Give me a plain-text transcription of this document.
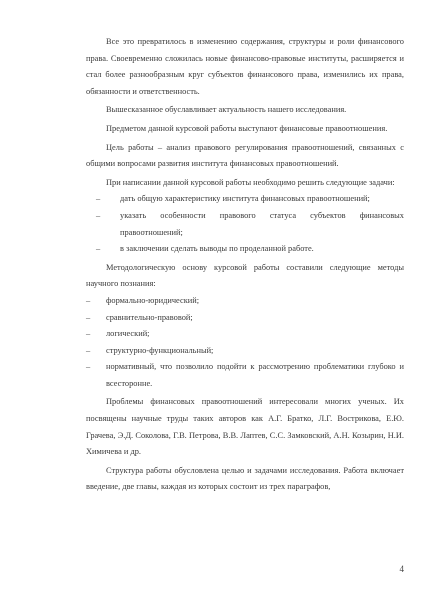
Все это превратилось в изменению содержания, структуры и роли финансового права. Своевременно сложилась новые финансово-правовые институты, расширяется и стал более разнообразным круг субъектов финансового права, изменились их права, обязанности и ответственность.

Вышесказанное обуславливает актуальность нашего исследования.

Предметом данной курсовой работы выступают финансовые правоотношения.

Цель работы – анализ правового регулирования правоотношений, связанных с общими вопросами развития института финансовых правоотношений.

При написании данной курсовой работы необходимо решить следующие задачи:

–	дать общую характеристику института финансовых правоотношений;
–	указать особенности правового статуса субъектов финансовых правоотношений;
–	в заключении сделать выводы по проделанной работе.

Методологическую основу курсовой работы составили следующие методы научного познания:

–	формально-юридический;
–	сравнительно-правовой;
–	логический;
–	структурно-функциональный;
–	нормативный, что позволило подойти к рассмотрению проблематики глубоко и всесторонне.

Проблемы финансовых правоотношений интересовали многих ученых. Их посвящены научные труды таких авторов как А.Г. Братко, Л.Г. Вострикова, Е.Ю. Грачева, Э.Д. Соколова, Г.В. Петрова, В.В. Лаптев, С.С. Замковский, А.Н. Козырин, Н.И. Химичева и др.

Структура работы обусловлена целью и задачами исследования. Работа включает введение, две главы, каждая из которых состоит из трех параграфов,

4
